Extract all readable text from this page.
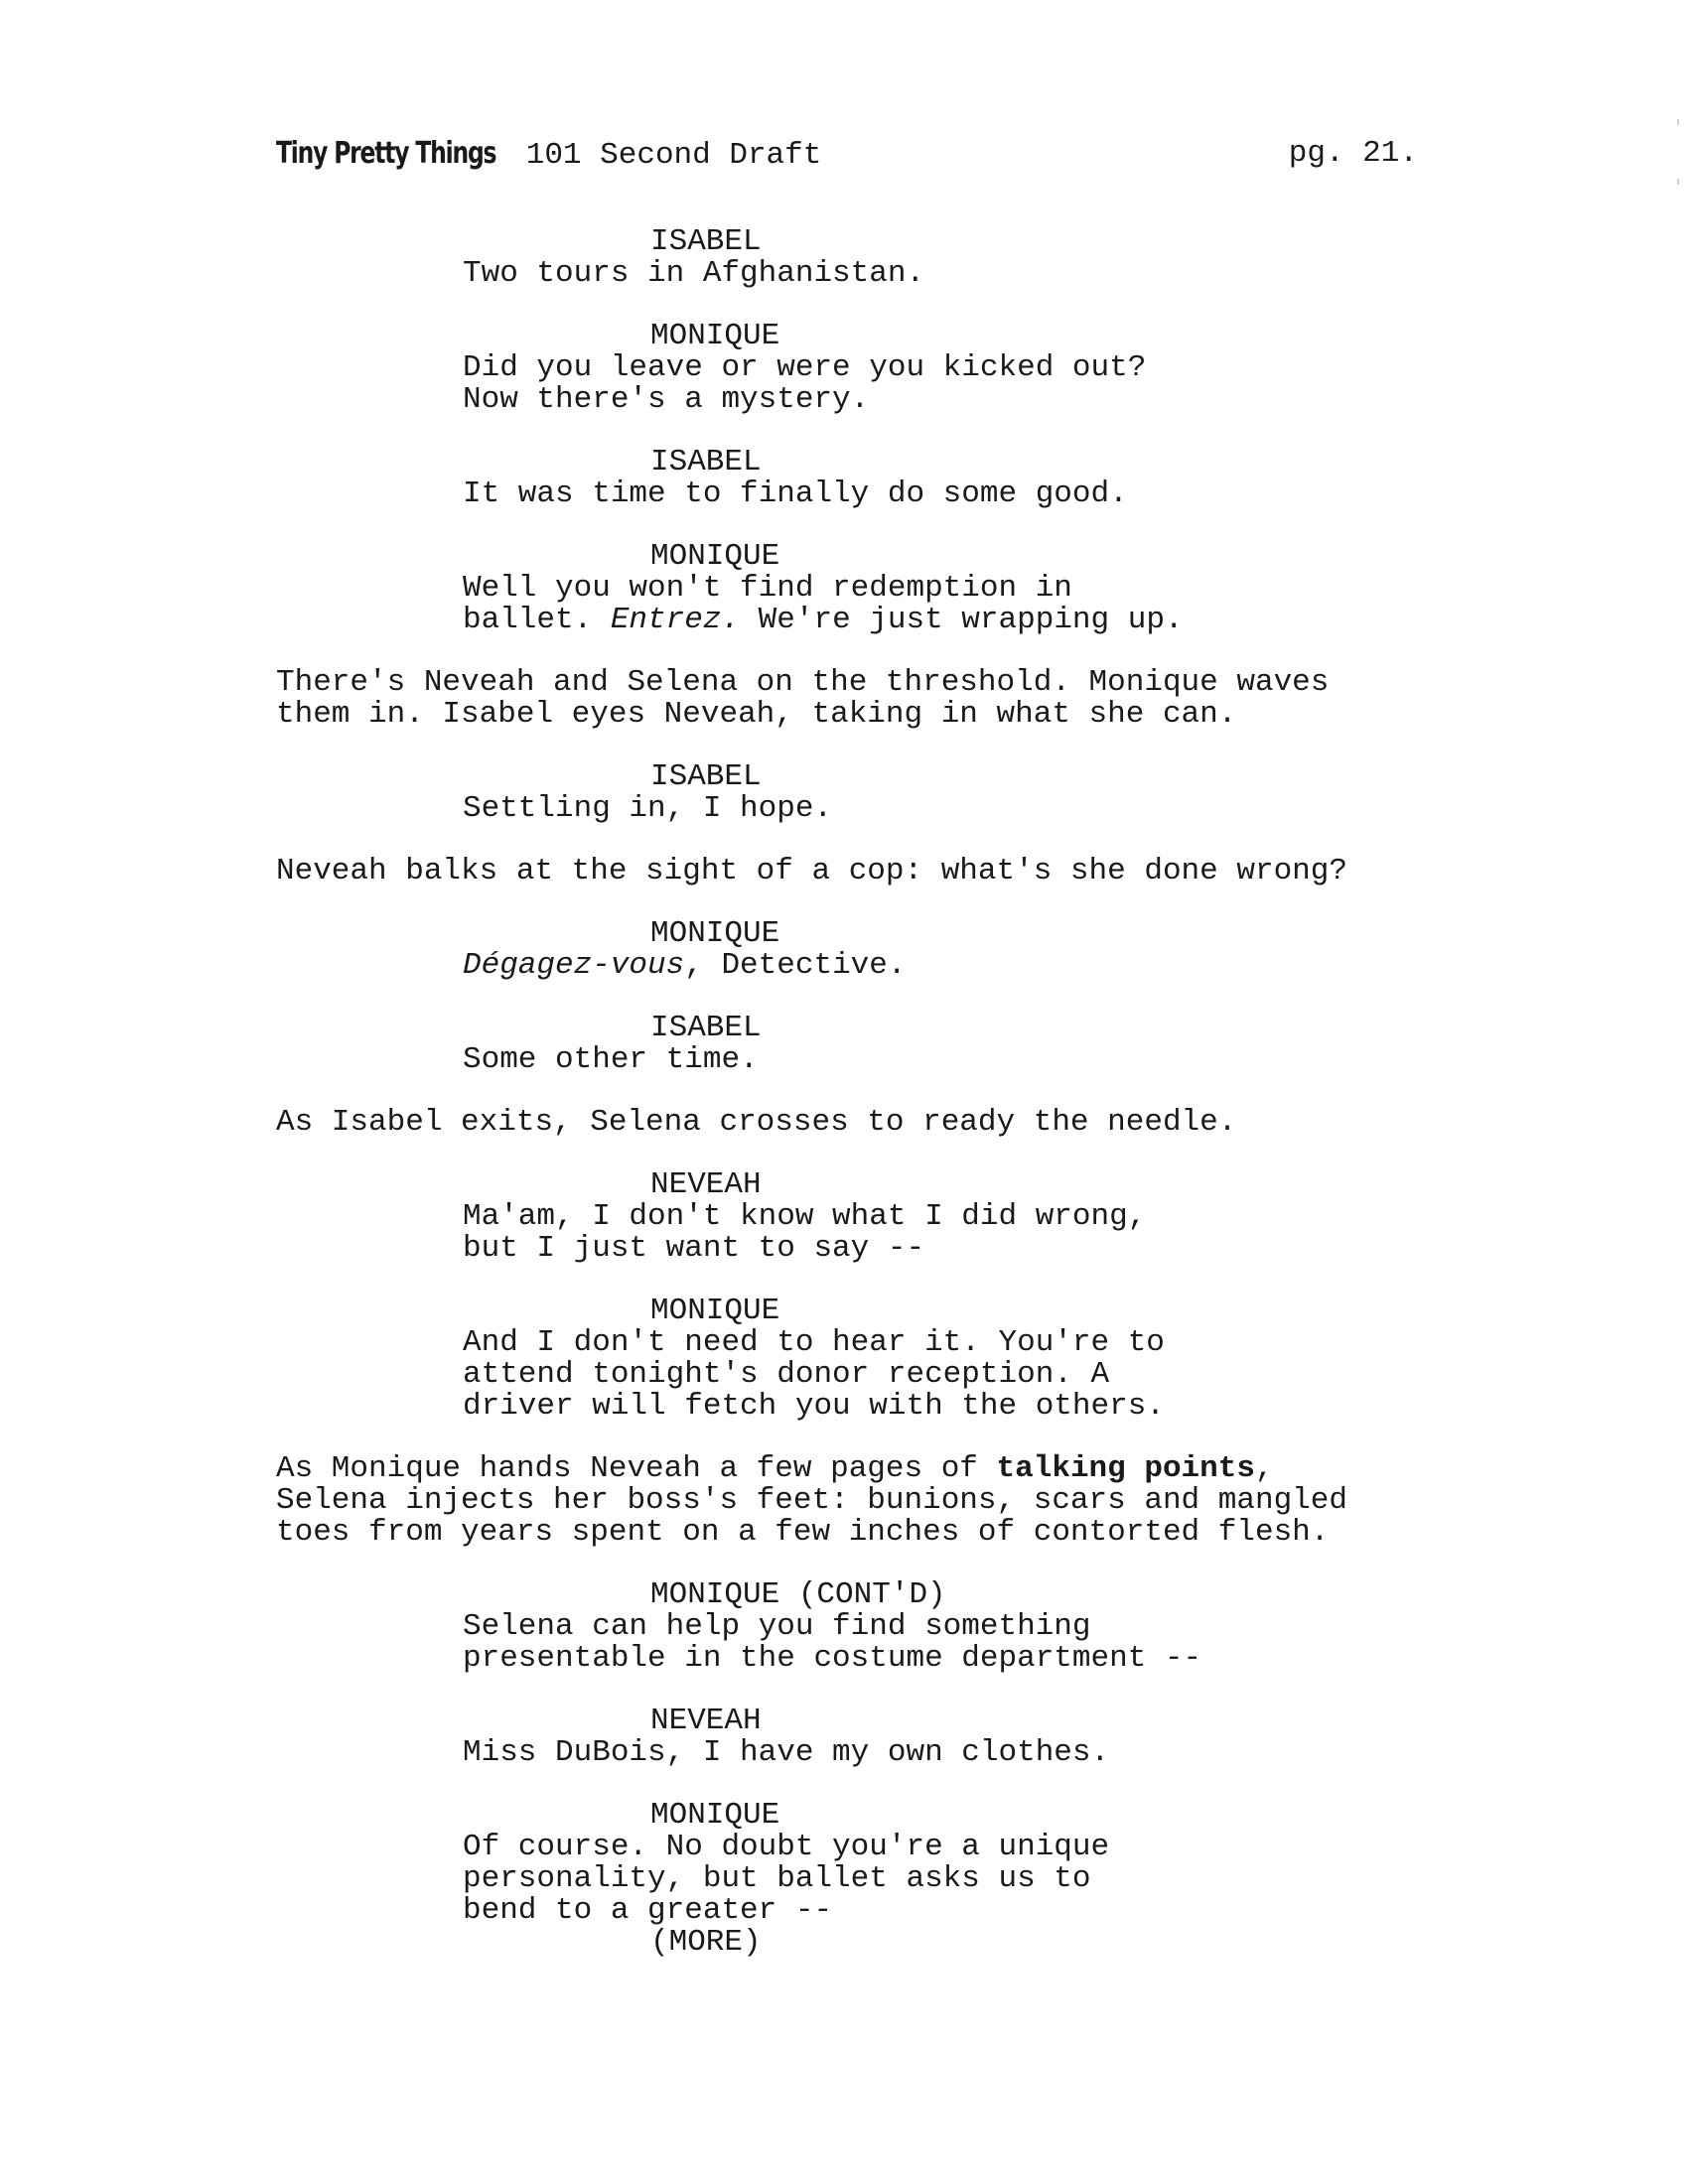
Tiny Pretty Things 101 Second Draft	pg. 21.
ISABEL
Two tours in Afghanistan.
MONIQUE
Did you leave or were you kicked out?
Now there's a mystery.
ISABEL
It was time to finally do some good.
MONIQUE
Well you won't find redemption in
ballet. Entrez. We're just wrapping up.
There's Neveah and Selena on the threshold. Monique waves
them in. Isabel eyes Neveah, taking in what she can.
ISABEL
Settling in, I hope.
Neveah balks at the sight of a cop: what's she done wrong?
MONIQUE
Dégagez-vous, Detective.
ISABEL
Some other time.
As Isabel exits, Selena crosses to ready the needle.
NEVEAH
Ma'am, I don't know what I did wrong,
but I just want to say --
MONIQUE
And I don't need to hear it. You're to
attend tonight's donor reception. A
driver will fetch you with the others.
As Monique hands Neveah a few pages of talking points,
Selena injects her boss's feet: bunions, scars and mangled
toes from years spent on a few inches of contorted flesh.
MONIQUE (CONT'D)
Selena can help you find something
presentable in the costume department --
NEVEAH
Miss DuBois, I have my own clothes.
MONIQUE
Of course. No doubt you're a unique
personality, but ballet asks us to
bend to a greater --
(MORE)
